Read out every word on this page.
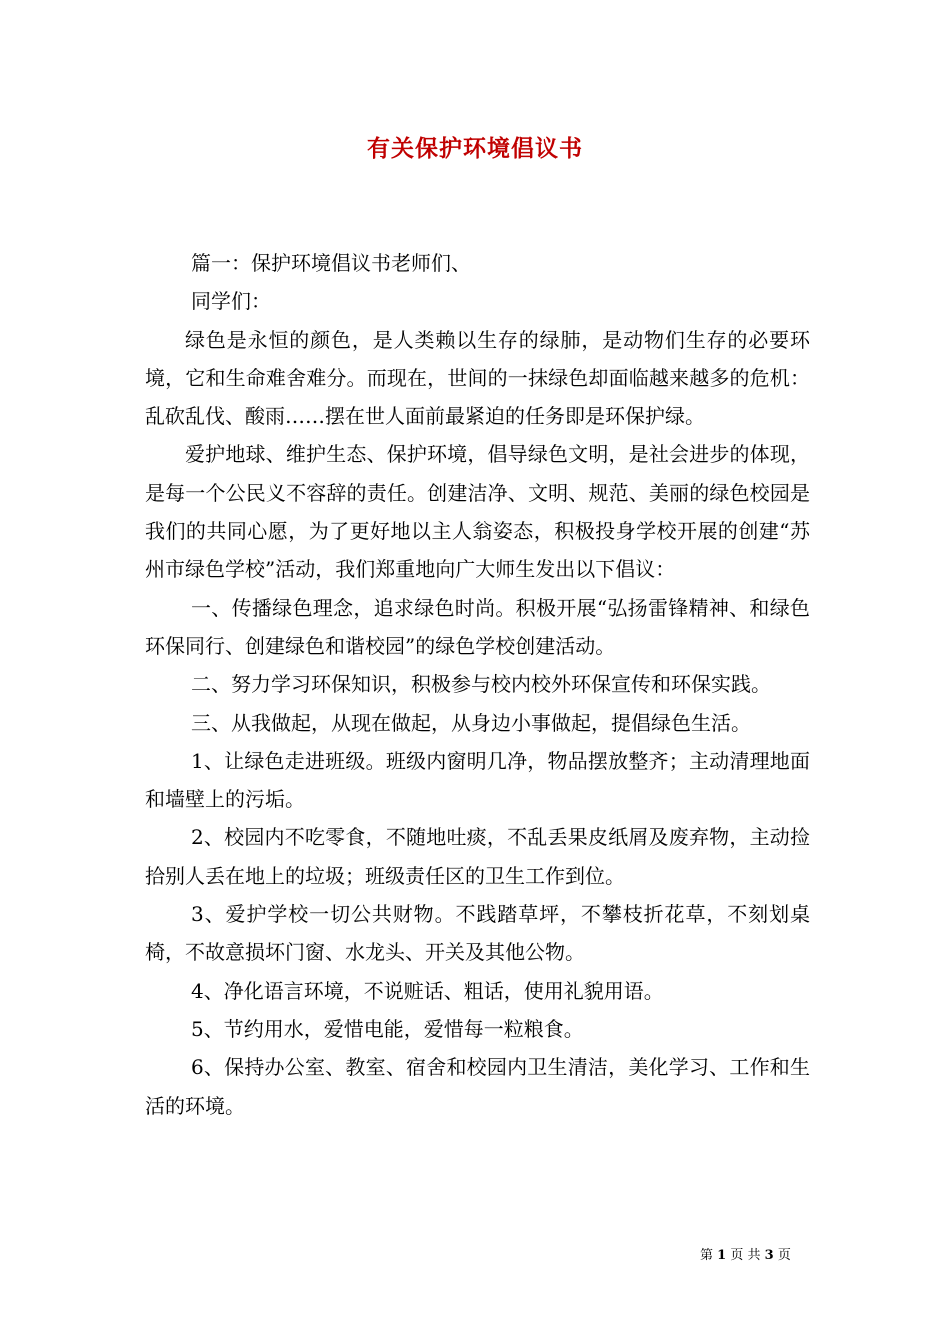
有关保护环境倡议书

篇一：保护环境倡议书老师们、

同学们：

绿色是永恒的颜色，是人类赖以生存的绿肺，是动物们生存的必要环境，它和生命难舍难分。而现在，世间的一抹绿色却面临越来越多的危机：乱砍乱伐、酸雨……摆在世人面前最紧迫的任务即是环保护绿。

爱护地球、维护生态、保护环境，倡导绿色文明，是社会进步的体现，是每一个公民义不容辞的责任。创建洁净、文明、规范、美丽的绿色校园是我们的共同心愿，为了更好地以主人翁姿态，积极投身学校开展的创建“苏州市绿色学校”活动，我们郑重地向广大师生发出以下倡议：

一、传播绿色理念，追求绿色时尚。积极开展“弘扬雷锋精神、和绿色环保同行、创建绿色和谐校园”的绿色学校创建活动。

二、努力学习环保知识，积极参与校内校外环保宣传和环保实践。

三、从我做起，从现在做起，从身边小事做起，提倡绿色生活。

1、让绿色走进班级。班级内窗明几净，物品摆放整齐；主动清理地面和墙壁上的污垢。

2、校园内不吃零食，不随地吐痰，不乱丢果皮纸屑及废弃物，主动捡拾别人丢在地上的垃圾；班级责任区的卫生工作到位。

3、爱护学校一切公共财物。不践踏草坪，不攀枝折花草，不刻划桌椅，不故意损坏门窗、水龙头、开关及其他公物。

4、净化语言环境，不说赃话、粗话，使用礼貌用语。

5、节约用水，爱惜电能，爱惜每一粒粮食。

6、保持办公室、教室、宿舍和校园内卫生清洁，美化学习、工作和生活的环境。

第 1 页 共 3 页
